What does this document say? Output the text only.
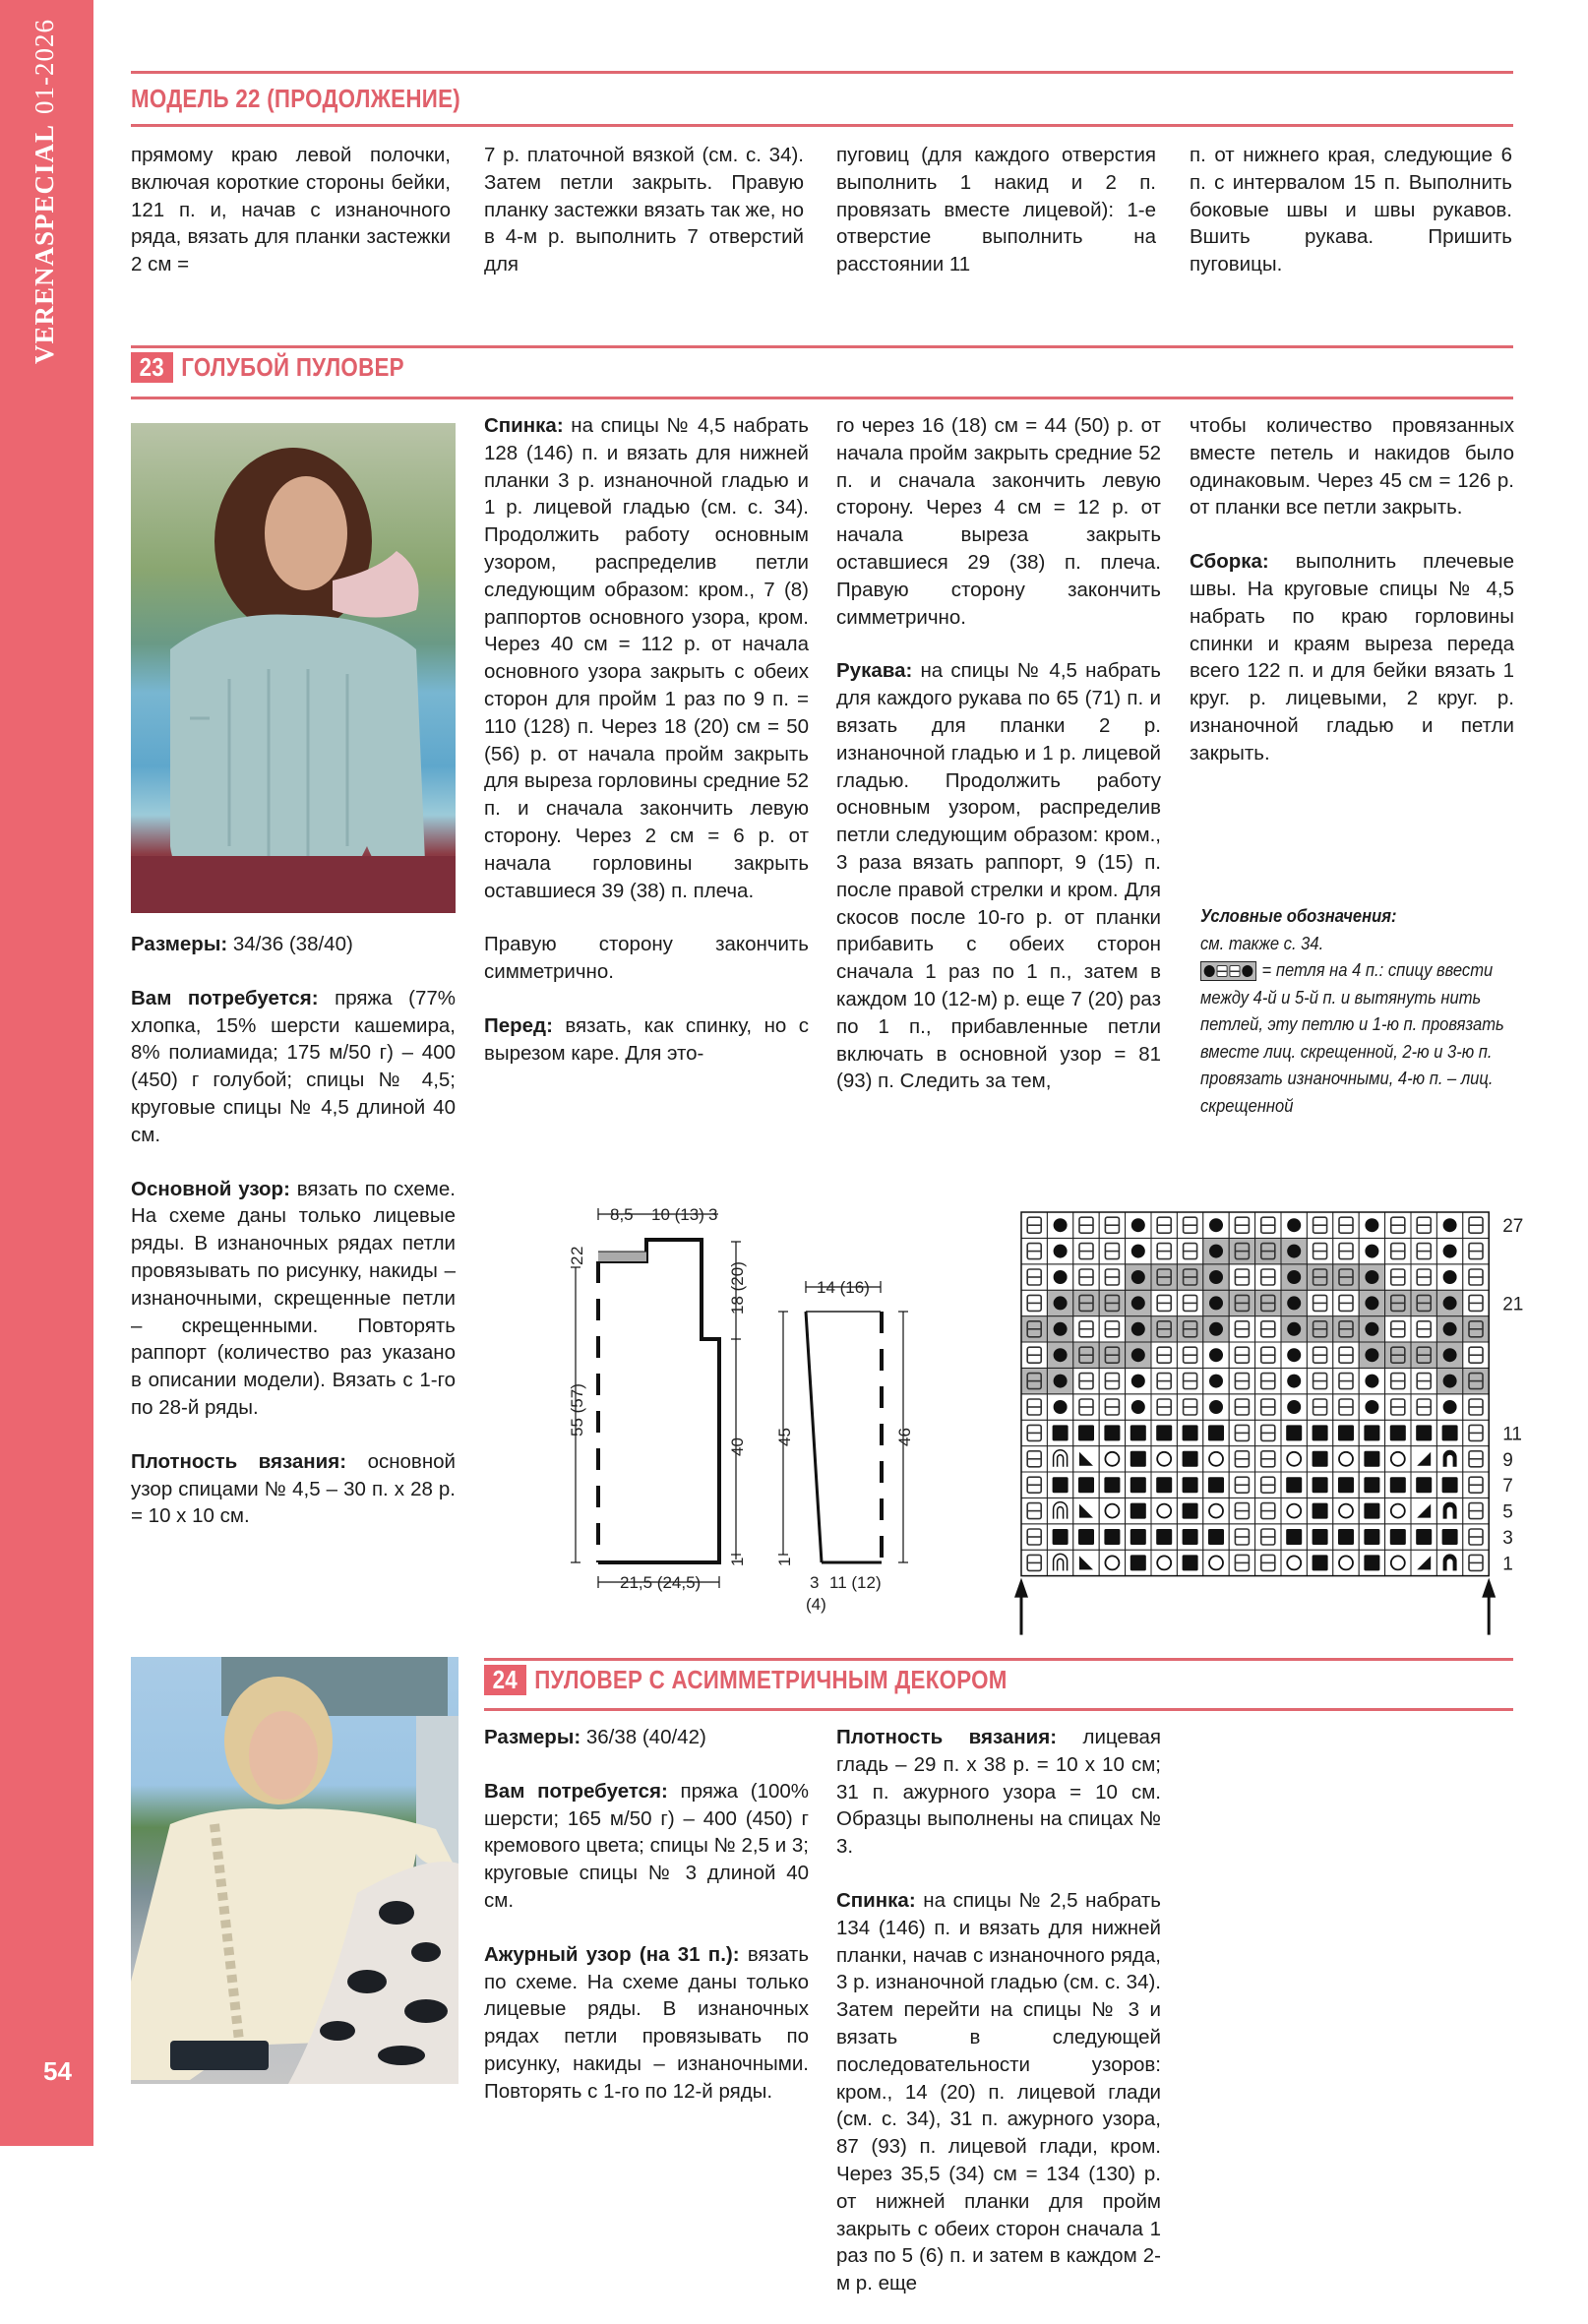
VERENASPECIAL01-2026
54
МОДЕЛЬ 22 (ПРОДОЛЖЕНИЕ)
прямому краю левой полочки, включая короткие стороны бейки, 121 п. и, начав с изнаночного ряда, вязать для планки застежки 2 см =
7 р. платочной вязкой (см. с. 34). Затем петли закрыть. Правую планку застежки вязать так же, но в 4-м р. выполнить 7 отверстий для
пуговиц (для каждого отверстия выполнить 1 накид и 2 п. провязать вместе лицевой): 1-е отверстие выполнить на расстоянии 11
п. от нижнего края, следующие 6 п. с интервалом 15 п. Выполнить боковые швы и швы рукавов. Вшить рукава. Пришить пуговицы.
23 ГОЛУБОЙ ПУЛОВЕР

Размеры: 34/36 (38/40)

Вам потребуется: пряжа (77% хлопка, 15% шерсти кашемира, 8% полиамида; 175 м/50 г) – 400 (450) г голубой; спицы № 4,5; круговые спицы № 4,5 длиной 40 см.

Основной узор: вязать по схеме. На схеме даны только лицевые ряды. В изнаночных рядах петли провязывать по рисунку, накиды – изнаночными, скрещенные петли – скрещенными. Повторять раппорт (количество раз указано в описании модели). Вязать с 1-го по 28-й ряды.

Плотность вязания: основной узор спицами № 4,5 – 30 п. х 28 р. = 10 х 10 см.

Спинка: на спицы № 4,5 набрать 128 (146) п. и вязать для нижней планки 3 р. изнаночной гладью и 1 р. лицевой гладью (см. с. 34). Продолжить работу основным узором, распределив петли следующим образом: кром., 7 (8) раппортов основного узора, кром. Через 40 см = 112 р. от начала основного узора закрыть с обеих сторон для пройм 1 раз по 9 п. = 110 (128) п. Через 18 (20) см = 50 (56) р. от начала пройм закрыть для выреза горловины средние 52 п. и сначала закончить левую сторону. Через 2 см = 6 р. от начала горловины закрыть оставшиеся 39 (38) п. плеча.

Правую сторону закончить симметрично.

Перед: вязать, как спинку, но с вырезом каре. Для это-

го через 16 (18) см = 44 (50) р. от начала пройм закрыть средние 52 п. и сначала закончить левую сторону. Через 4 см = 12 р. от начала выреза закрыть оставшиеся 29 (38) п. плеча. Правую сторону закончить симметрично.

Рукава: на спицы № 4,5 набрать для каждого рукава по 65 (71) п. и вязать для планки 2 р. изнаночной гладью и 1 р. лицевой гладью. Продолжить работу основным узором, распределив петли следующим образом: кром., 3 раза вязать раппорт, 9 (15) п. после правой стрелки и кром. Для скосов после 10-го р. от планки прибавить с обеих сторон сначала 1 раз по 1 п., затем в каждом 10 (12-м) р. еще 7 (20) раз по 1 п., прибавленные петли включать в основной узор = 81 (93) п. Следить за тем,

чтобы количество провязанных вместе петель и накидов было одинаковым. Через 45 см = 126 р. от планки все петли закрыть.

Сборка: выполнить плечевые швы. На круговые спицы № 4,5 набрать по краю горловины спинки и краям выреза переда всего 122 п. и для бейки вязать 1 круг. р. лицевыми, 2 круг. р. изнаночной гладью и петли закрыть.

Условные обозначения:
см. также с. 34.
= петля на 4 п.: спицу ввести между 4-й и 5-й п. и вытянуть нить петлей, эту петлю и 1-ю п. провязать вместе лиц. скрещенной, 2-ю и 3-ю п. провязать изнаночными, 4-ю п. – лиц. скрещенной
8,5 10 (13) 3
2
2
55 (57)
18 (20)
40
1
21,5 (24,5)
14 (16)
45	46
1
3 11 (12)
(4)
1
3
5
7
9
11
21
27
24 ПУЛОВЕР С АСИММЕТРИЧНЫМ ДЕКОРОМ

Размеры: 36/38 (40/42)

Вам потребуется: пряжа (100% шерсти; 165 м/50 г) – 400 (450) г кремового цвета; спицы № 2,5 и 3; круговые спицы № 3 длиной 40 см.

Ажурный узор (на 31 п.): вязать по схеме. На схеме даны только лицевые ряды. В изнаночных рядах петли провязывать по рисунку, накиды – изнаночными. Повторять с 1-го по 12-й ряды.

Плотность вязания: лицевая гладь – 29 п. х 38 р. = 10 х 10 см; 31 п. ажурного узора = 10 см. Образцы выполнены на спицах № 3.

Спинка: на спицы № 2,5 набрать 134 (146) п. и вязать для нижней планки, начав с изнаночного ряда, 3 р. изнаночной гладью (см. с. 34). Затем перейти на спицы № 3 и вязать в следующей последовательности узоров: кром., 14 (20) п. лицевой глади (см. с. 34), 31 п. ажурного узора, 87 (93) п. лицевой глади, кром. Через 35,5 (34) см = 134 (130) р. от нижней планки для пройм закрыть с обеих сторон сначала 1 раз по 5 (6) п. и затем в каждом 2-м р. еще
